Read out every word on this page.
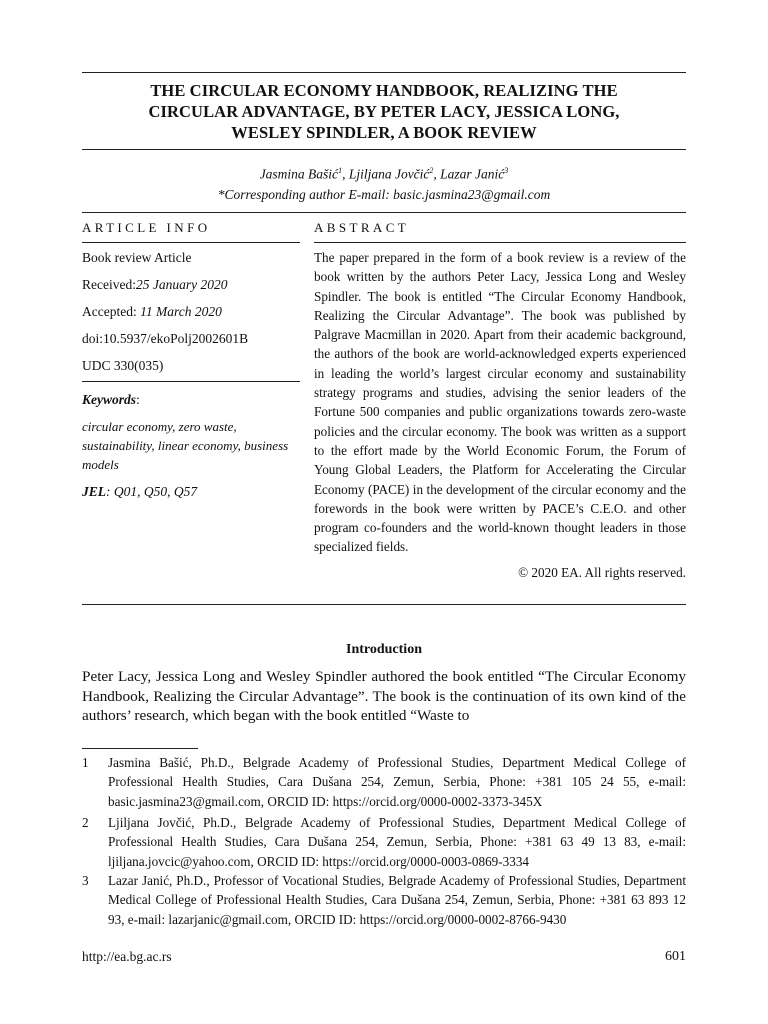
THE CIRCULAR ECONOMY HANDBOOK, REALIZING THE
CIRCULAR ADVANTAGE, BY PETER LACY, JESSICA LONG,
WESLEY SPINDLER, A BOOK REVIEW
Jasmina Bašić$^1$, Ljiljana Jovčić$^2$, Lazar Janić$^3$
*Corresponding author E-mail: basic.jasmina23@gmail.com
ARTICLE INFO
Book review Article
Received:25 January 2020
Accepted: 11 March 2020
doi:10.5937/ekoPolj2002601B
UDC 330(035)
Keywords:
circular economy, zero waste, sustainability, linear economy, business models
JEL: Q01, Q50, Q57
ABSTRACT
The paper prepared in the form of a book review is a review of the book written by the authors Peter Lacy, Jessica Long and Wesley Spindler. The book is entitled “The Circular Economy Handbook, Realizing the Circular Advantage”. The book was published by Palgrave Macmillan in 2020. Apart from their academic background, the authors of the book are world-acknowledged experts experienced in leading the world’s largest circular economy and sustainability strategy programs and studies, advising the senior leaders of the Fortune 500 companies and public organizations towards zero-waste policies and the circular economy. The book was written as a support to the effort made by the World Economic Forum, the Forum of Young Global Leaders, the Platform for Accelerating the Circular Economy (PACE) in the development of the circular economy and the forewords in the book were written by PACE’s C.E.O. and other program co-founders and the world-known thought leaders in those specialized fields.
© 2020 EA. All rights reserved.
Introduction
Peter Lacy, Jessica Long and Wesley Spindler authored the book entitled “The Circular Economy Handbook, Realizing the Circular Advantage”. The book is the continuation of its own kind of the authors’ research, which began with the book entitled “Waste to
1	Jasmina Bašić, Ph.D., Belgrade Academy of Professional Studies, Department Medical College of Professional Health Studies, Cara Dušana 254, Zemun, Serbia, Phone: +381 105 24 55, e-mail: basic.jasmina23@gmail.com, ORCID ID: https://orcid.org/0000-0002-3373-345X
2	Ljiljana Jovčić, Ph.D., Belgrade Academy of Professional Studies, Department Medical College of Professional Health Studies, Cara Dušana 254, Zemun, Serbia, Phone: +381 63 49 13 83, e-mail: ljiljana.jovcic@yahoo.com, ORCID ID: https://orcid.org/0000-0003-0869-3334
3	Lazar Janić, Ph.D., Professor of Vocational Studies, Belgrade Academy of Professional Studies, Department Medical College of Professional Health Studies, Cara Dušana 254, Zemun, Serbia, Phone: +381 63 893 12 93, e-mail: lazarjanic@gmail.com, ORCID ID: https://orcid.org/0000-0002-8766-9430
http://ea.bg.ac.rs	601
